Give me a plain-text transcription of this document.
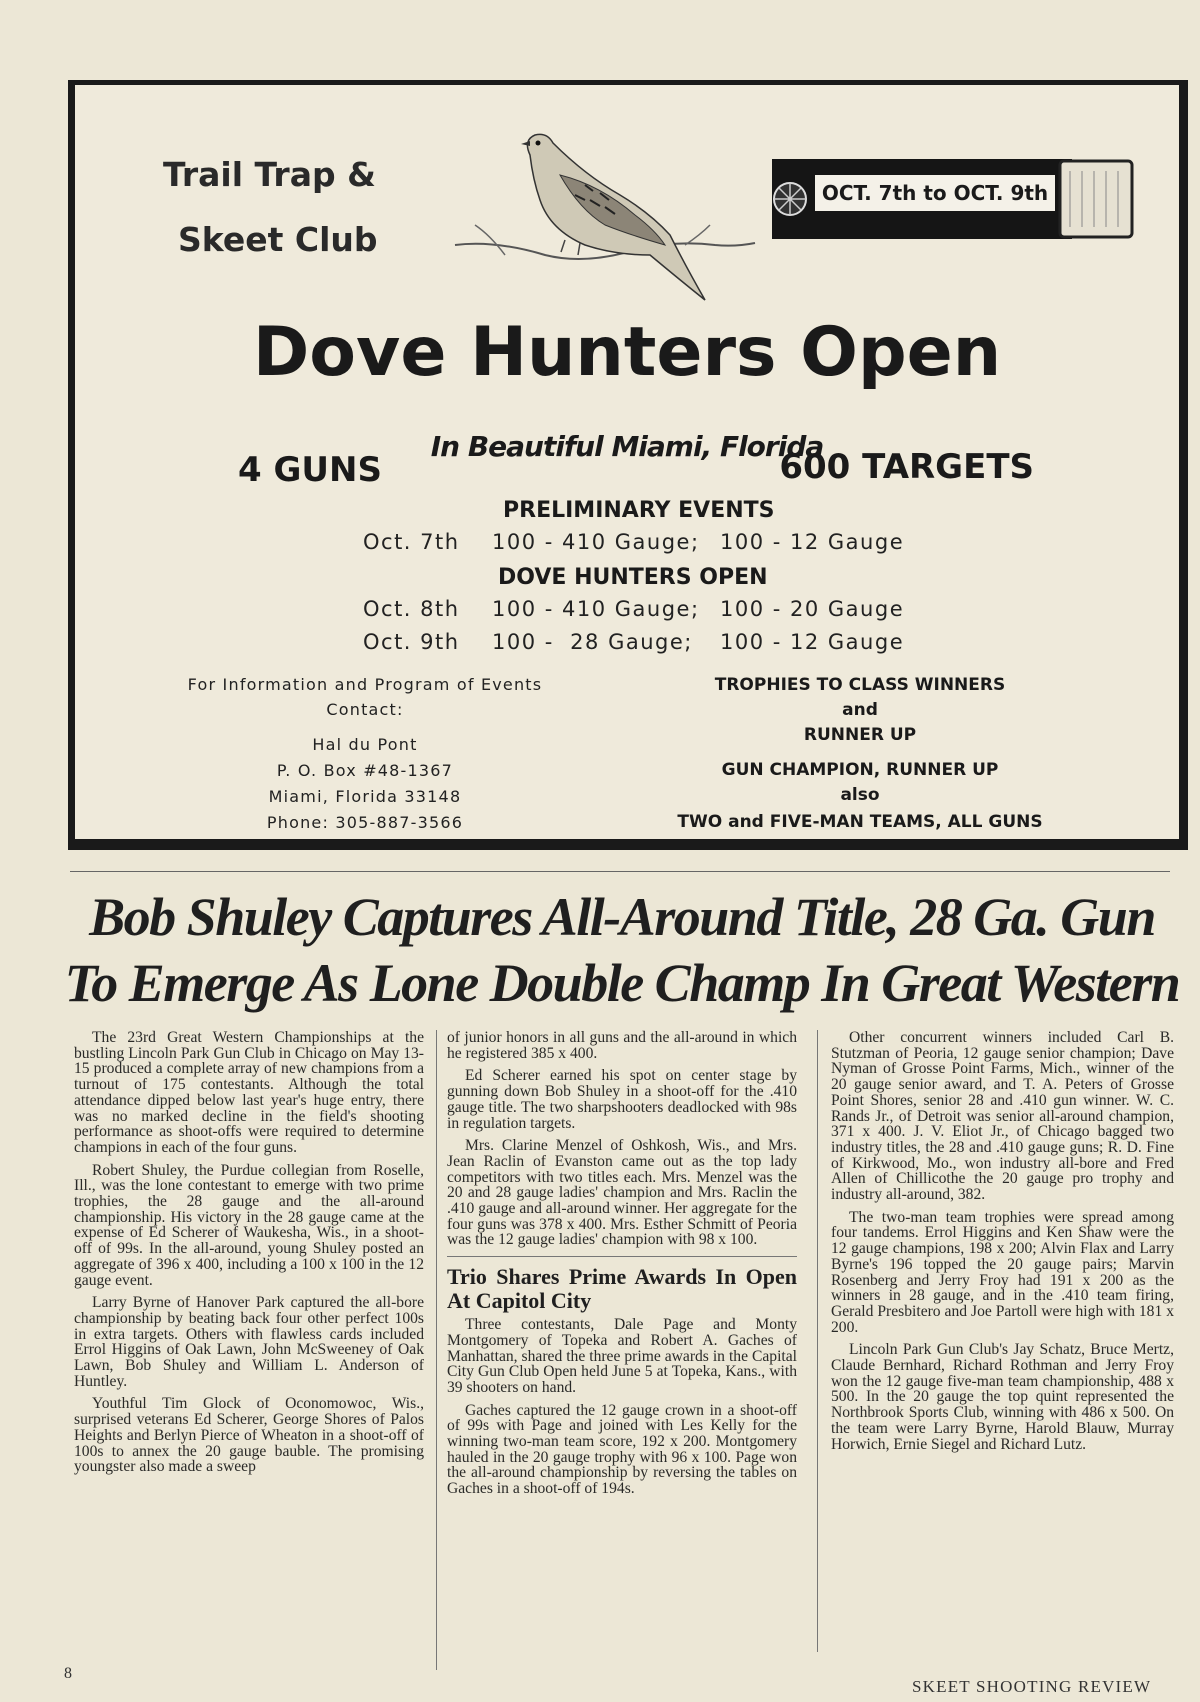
Trail Trap &
Skeet Club
OCT. 7th to OCT. 9th
Dove Hunters Open
In Beautiful Miami, Florida
4 GUNS	600 TARGETS
PRELIMINARY EVENTS
Oct. 7th 100 - 410 Gauge; 100 - 12 Gauge
DOVE HUNTERS OPEN
Oct. 8th 100 - 410 Gauge; 100 - 20 Gauge
Oct. 9th 100 -  28 Gauge; 100 - 12 Gauge
For Information and Program of Events
Contact:
Hal du Pont
P. O. Box #48-1367
Miami, Florida 33148
Phone: 305-887-3566
TROPHIES TO CLASS WINNERS
and
RUNNER UP
GUN CHAMPION, RUNNER UP
also
TWO and FIVE-MAN TEAMS, ALL GUNS
Bob Shuley Captures All-Around Title, 28 Ga. Gun
To Emerge As Lone Double Champ In Great Western

The 23rd Great Western Championships at the bustling Lincoln Park Gun Club in Chicago on May 13-15 produced a complete array of new champions from a turnout of 175 contestants. Although the total attendance dipped below last year's huge entry, there was no marked decline in the field's shooting performance as shoot-offs were required to determine champions in each of the four guns.

Robert Shuley, the Purdue collegian from Roselle, Ill., was the lone contestant to emerge with two prime trophies, the 28 gauge and the all-around championship. His victory in the 28 gauge came at the expense of Ed Scherer of Waukesha, Wis., in a shoot-off of 99s. In the all-around, young Shuley posted an aggregate of 396 x 400, including a 100 x 100 in the 12 gauge event.

Larry Byrne of Hanover Park captured the all-bore championship by beating back four other perfect 100s in extra targets. Others with flawless cards included Errol Higgins of Oak Lawn, John McSweeney of Oak Lawn, Bob Shuley and William L. Anderson of Huntley.

Youthful Tim Glock of Oconomowoc, Wis., surprised veterans Ed Scherer, George Shores of Palos Heights and Berlyn Pierce of Wheaton in a shoot-off of 100s to annex the 20 gauge bauble. The promising youngster also made a sweep

of junior honors in all guns and the all-around in which he registered 385 x 400.

Ed Scherer earned his spot on center stage by gunning down Bob Shuley in a shoot-off for the .410 gauge title. The two sharpshooters deadlocked with 98s in regulation targets.

Mrs. Clarine Menzel of Oshkosh, Wis., and Mrs. Jean Raclin of Evanston came out as the top lady competitors with two titles each. Mrs. Menzel was the 20 and 28 gauge ladies' champion and Mrs. Raclin the .410 gauge and all-around winner. Her aggregate for the four guns was 378 x 400. Mrs. Esther Schmitt of Peoria was the 12 gauge ladies' champion with 98 x 100.

Trio Shares Prime Awards In Open At Capitol City

Three contestants, Dale Page and Monty Montgomery of Topeka and Robert A. Gaches of Manhattan, shared the three prime awards in the Capital City Gun Club Open held June 5 at Topeka, Kans., with 39 shooters on hand.

Gaches captured the 12 gauge crown in a shoot-off of 99s with Page and joined with Les Kelly for the winning two-man team score, 192 x 200. Montgomery hauled in the 20 gauge trophy with 96 x 100. Page won the all-around championship by reversing the tables on Gaches in a shoot-off of 194s.

Other concurrent winners included Carl B. Stutzman of Peoria, 12 gauge senior champion; Dave Nyman of Grosse Point Farms, Mich., winner of the 20 gauge senior award, and T. A. Peters of Grosse Point Shores, senior 28 and .410 gun winner. W. C. Rands Jr., of Detroit was senior all-around champion, 371 x 400. J. V. Eliot Jr., of Chicago bagged two industry titles, the 28 and .410 gauge guns; R. D. Fine of Kirkwood, Mo., won industry all-bore and Fred Allen of Chillicothe the 20 gauge pro trophy and industry all-around, 382.

The two-man team trophies were spread among four tandems. Errol Higgins and Ken Shaw were the 12 gauge champions, 198 x 200; Alvin Flax and Larry Byrne's 196 topped the 20 gauge pairs; Marvin Rosenberg and Jerry Froy had 191 x 200 as the winners in 28 gauge, and in the .410 team firing, Gerald Presbitero and Joe Partoll were high with 181 x 200.

Lincoln Park Gun Club's Jay Schatz, Bruce Mertz, Claude Bernhard, Richard Rothman and Jerry Froy won the 12 gauge five-man team championship, 488 x 500. In the 20 gauge the top quint represented the Northbrook Sports Club, winning with 486 x 500. On the team were Larry Byrne, Harold Blauw, Murray Horwich, Ernie Siegel and Richard Lutz.

8
SKEET SHOOTING REVIEW
